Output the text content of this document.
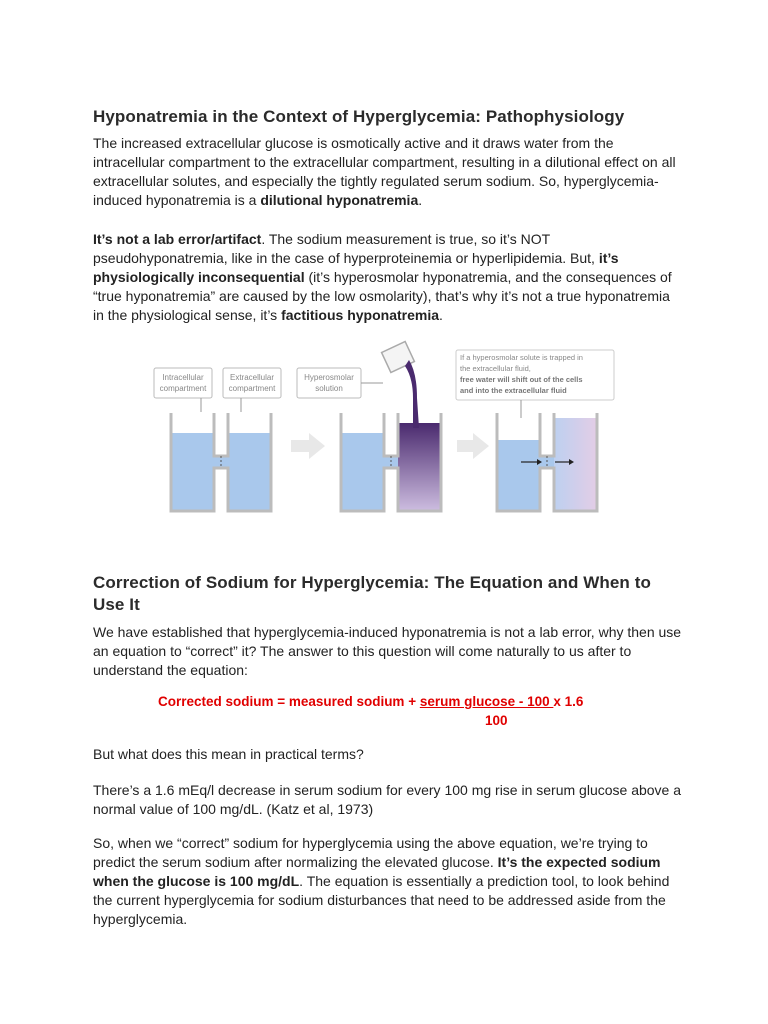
Hyponatremia in the Context of Hyperglycemia: Pathophysiology

The increased extracellular glucose is osmotically active and it draws water from the intracellular compartment to the extracellular compartment, resulting in a dilutional effect on all extracellular solutes, and especially the tightly regulated serum sodium. So, hyperglycemia-induced hyponatremia is a dilutional hyponatremia.

It’s not a lab error/artifact. The sodium measurement is true, so it’s NOT pseudohyponatremia, like in the case of hyperproteinemia or hyperlipidemia. But, it’s physiologically inconsequential (it’s hyperosmolar hyponatremia, and the consequences of “true hyponatremia” are caused by the low osmolarity), that’s why it’s not a true hyponatremia in the physiological sense, it’s factitious hyponatremia.

Intracellular
compartment
Extracellular
compartment
Hyperosmolar
solution
If a hyperosmolar solute is trapped in
the extracellular fluid,
free water will shift out of the cells
and into the extracellular fluid
Correction of Sodium for Hyperglycemia: The Equation and When to Use It

We have established that hyperglycemia-induced hyponatremia is not a lab error, why then use an equation to “correct” it? The answer to this question will come naturally to us after to understand the equation:

Corrected sodium = measured sodium + serum glucose - 100 x 1.6
100

But what does this mean in practical terms?

There’s a 1.6 mEq/l decrease in serum sodium for every 100 mg rise in serum glucose above a normal value of 100 mg/dL. (Katz et al, 1973)

So, when we “correct” sodium for hyperglycemia using the above equation, we’re trying to predict the serum sodium after normalizing the elevated glucose. It’s the expected sodium when the glucose is 100 mg/dL. The equation is essentially a prediction tool, to look behind the current hyperglycemia for sodium disturbances that need to be addressed aside from the hyperglycemia.
